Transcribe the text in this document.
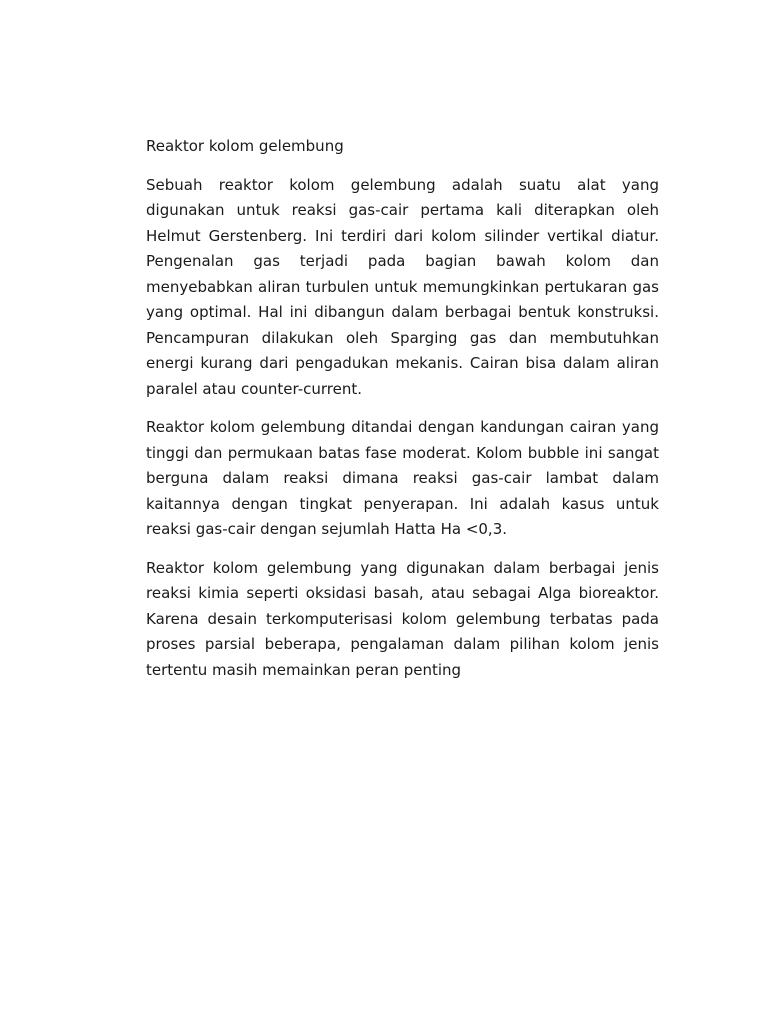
Reaktor kolom gelembung

Sebuah reaktor kolom gelembung adalah suatu alat yang digunakan untuk reaksi gas-cair pertama kali diterapkan oleh Helmut Gerstenberg. Ini terdiri dari kolom silinder vertikal diatur. Pengenalan gas terjadi pada bagian bawah kolom dan menyebabkan aliran turbulen untuk memungkinkan pertukaran gas yang optimal. Hal ini dibangun dalam berbagai bentuk konstruksi. Pencampuran dilakukan oleh Sparging gas dan membutuhkan energi kurang dari pengadukan mekanis. Cairan bisa dalam aliran paralel atau counter-current.

Reaktor kolom gelembung ditandai dengan kandungan cairan yang tinggi dan permukaan batas fase moderat. Kolom bubble ini sangat berguna dalam reaksi dimana reaksi gas-cair lambat dalam kaitannya dengan tingkat penyerapan. Ini adalah kasus untuk reaksi gas-cair dengan sejumlah Hatta Ha <0,3.

Reaktor kolom gelembung yang digunakan dalam berbagai jenis reaksi kimia seperti oksidasi basah, atau sebagai Alga bioreaktor. Karena desain terkomputerisasi kolom gelembung terbatas pada proses parsial beberapa, pengalaman dalam pilihan kolom jenis tertentu masih memainkan peran penting
